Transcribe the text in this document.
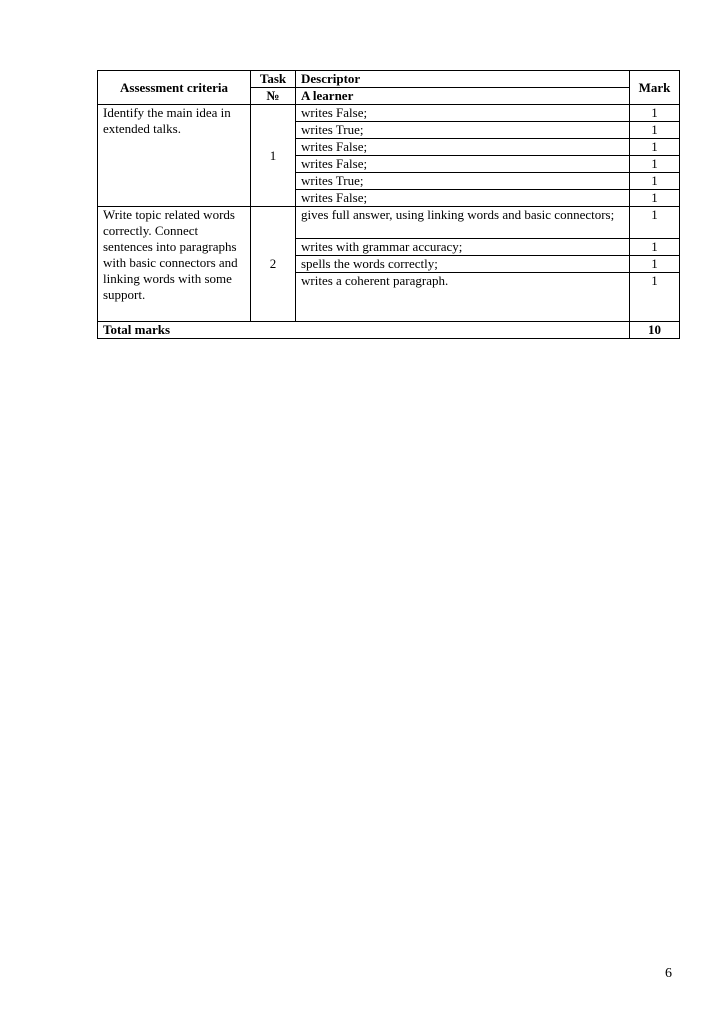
Assessment criteria	Task	Descriptor	Mark
	№	A learner	
Identify the main idea in extended talks.	1	writes False;	1
		writes True;	1
		writes False;	1
		writes False;	1
		writes True;	1
		writes False;	1
Write topic related words correctly. Connect sentences into paragraphs with basic connectors and linking words with some support.	2	gives full answer, using linking words and basic connectors;	1
		writes with grammar accuracy;	1
		spells the words correctly;	1
		writes a coherent paragraph.	1

Total marks			10
6
